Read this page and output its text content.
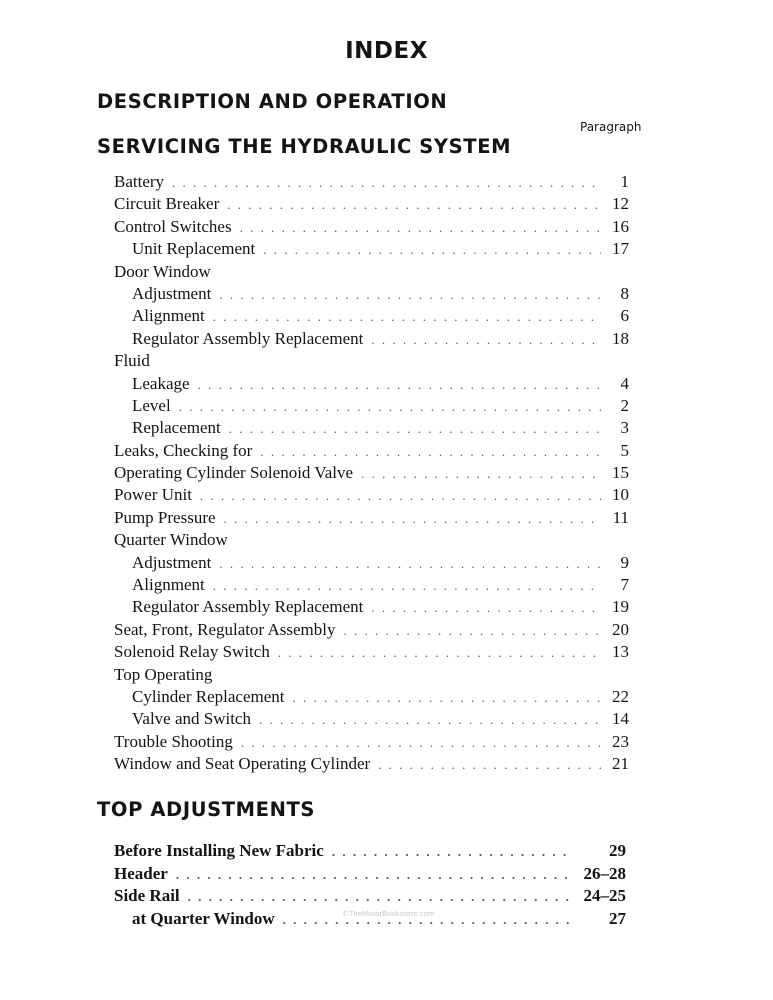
INDEX
DESCRIPTION AND OPERATION
Paragraph
SERVICING THE HYDRAULIC SYSTEM
Battery . . .	1
Circuit Breaker . . .	12
Control Switches . . .	16
Unit Replacement . . .	17
Door Window
Adjustment . . .	8
Alignment . . .	6
Regulator Assembly Replacement . . .	18
Fluid
Leakage . . .	4
Level . . .	2
Replacement . . .	3
Leaks, Checking for . . .	5
Operating Cylinder Solenoid Valve . . .	15
Power Unit . . .	10
Pump Pressure . . .	11
Quarter Window
Adjustment . . .	9
Alignment . . .	7
Regulator Assembly Replacement . . .	19
Seat, Front, Regulator Assembly . . .	20
Solenoid Relay Switch . . .	13
Top Operating
Cylinder Replacement . . .	22
Valve and Switch . . .	14
Trouble Shooting . . .	23
Window and Seat Operating Cylinder . . .	21
TOP ADJUSTMENTS
Before Installing New Fabric . . .	29
Header . . .	26–28
Side Rail . . .	24–25
at Quarter Window . . .	27
©TheMotorBookstore.com
